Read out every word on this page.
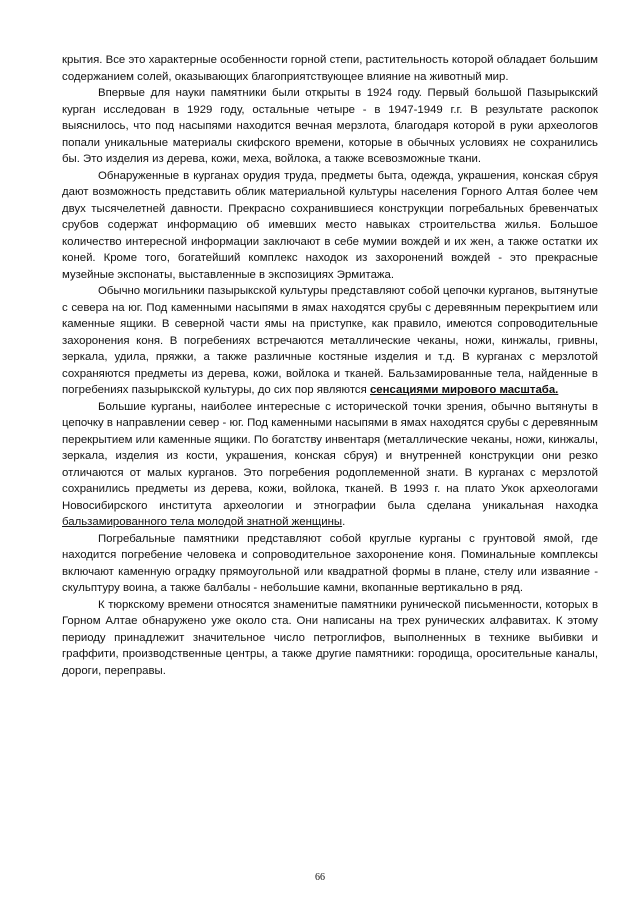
крытия. Все это характерные особенности горной степи, растительность которой обладает большим содержанием солей, оказывающих благоприятствующее влияние на животный мир.

Впервые для науки памятники были открыты в 1924 году. Первый большой Пазырыкский курган исследован в 1929 году, остальные четыре - в 1947-1949 г.г. В результате раскопок выяснилось, что под насыпями находится вечная мерзлота, благодаря которой в руки археологов попали уникальные материалы скифского времени, которые в обычных условиях не сохранились бы. Это изделия из дерева, кожи, меха, войлока, а также всевозможные ткани.

Обнаруженные в курганах орудия труда, предметы быта, одежда, украшения, конская сбруя дают возможность представить облик материальной культуры населения Горного Алтая более чем двух тысячелетней давности. Прекрасно сохранившиеся конструкции погребальных бревенчатых срубов содержат информацию об имевших место навыках строительства жилья. Большое количество интересной информации заключают в себе мумии вождей и их жен, а также остатки их коней. Кроме того, богатейший комплекс находок из захоронений вождей - это прекрасные музейные экспонаты, выставленные в экспозициях Эрмитажа.

Обычно могильники пазырыкской культуры представляют собой цепочки курганов, вытянутые с севера на юг. Под каменными насыпями в ямах находятся срубы с деревянным перекрытием или каменные ящики. В северной части ямы на приступке, как правило, имеются сопроводительные захоронения коня. В погребениях встречаются металлические чеканы, ножи, кинжалы, гривны, зеркала, удила, пряжки, а также различные костяные изделия и т.д. В курганах с мерзлотой сохраняются предметы из дерева, кожи, войлока и тканей. Бальзамированные тела, найденные в погребениях пазырыкской культуры, до сих пор являются сенсациями мирового масштаба.

Большие курганы, наиболее интересные с исторической точки зрения, обычно вытянуты в цепочку в направлении север - юг. Под каменными насыпями в ямах находятся срубы с деревянным перекрытием или каменные ящики. По богатству инвентаря (металлические чеканы, ножи, кинжалы, зеркала, изделия из кости, украшения, конская сбруя) и внутренней конструкции они резко отличаются от малых курганов. Это погребения родоплеменной знати. В курганах с мерзлотой сохранились предметы из дерева, кожи, войлока, тканей. В 1993 г. на плато Укок археологами Новосибирского института археологии и этнографии была сделана уникальная находка бальзамированного тела молодой знатной женщины.

Погребальные памятники представляют собой круглые курганы с грунтовой ямой, где находится погребение человека и сопроводительное захоронение коня. Поминальные комплексы включают каменную оградку прямоугольной или квадратной формы в плане, стелу или изваяние - скульптуру воина, а также балбалы - небольшие камни, вкопанные вертикально в ряд.

К тюркскому времени относятся знаменитые памятники рунической письменности, которых в Горном Алтае обнаружено уже около ста. Они написаны на трех рунических алфавитах. К этому периоду принадлежит значительное число петроглифов, выполненных в технике выбивки и граффити, производственные центры, а также другие памятники: городища, оросительные каналы, дороги, переправы.

66
